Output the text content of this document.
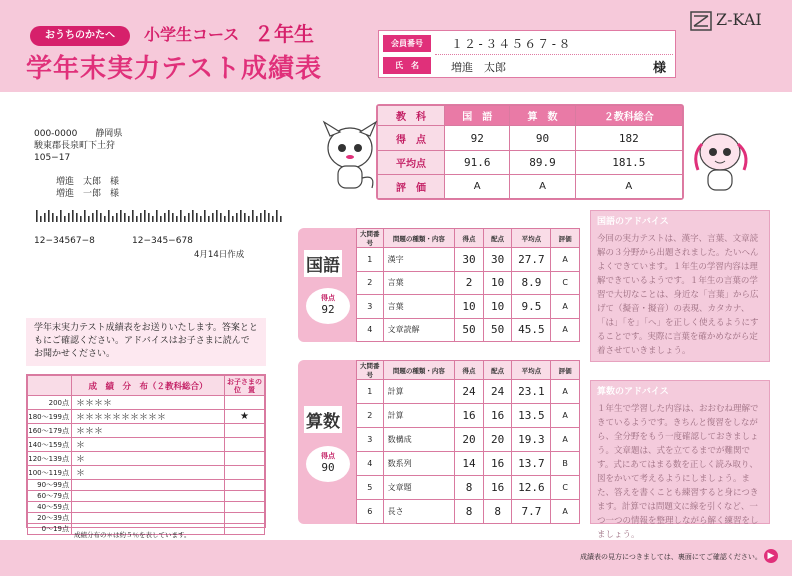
おうちのかたへ	小学生コース ２年生
学年末実力テスト成績表
Z-KAI
会員番号	１２‐３４５６７‐８
氏　名	増進　太郎	様
000-0000　　静岡県
駿東郡長泉町下土狩
105−17
増進　太郎　様
増進　一郎　様
12−34567−8	12−345−678
4月14日作成
教　科	国　語	算　数	２教科総合
得　点	92	90	182
平均点	91.6	89.9	181.5
評　価	A	A	A
学年末実力テスト成績表をお送りいたします。答案とともにご確認ください。アドバイスはお子さまに読んでお聞かせください。
	成　績　分　布（２教科総合）	お子さまの位　置
200点	＊＊＊＊	
180〜199点	＊＊＊＊＊＊＊＊＊＊	★
160〜179点	＊＊＊	
140〜159点	＊	
120〜139点	＊	
100〜119点	＊	
90〜99点		
60〜79点		
40〜59点		
20〜39点		
0〜19点		
成績分布の＊は約５％を表しています。
国語
得点
92
大問番号	問題の種類・内容	得点	配点	平均点	評価
1	漢字	30	30	27.7	A
2	言葉	2	10	8.9	C
3	言葉	10	10	9.5	A
4	文章読解	50	50	45.5	A
算数
得点
90
大問番号	問題の種類・内容	得点	配点	平均点	評価
1	計算	24	24	23.1	A
2	計算	16	16	13.5	A
3	数構成	20	20	19.3	A
4	数系列	14	16	13.7	B
5	文章題	8	16	12.6	C
6	長さ	8	8	7.7	A
国語のアドバイス
今回の実力テストは、漢字、言葉、文章読解の３分野から出題されました。たいへんよくできています。１年生の学習内容は理解できているようです。１年生の言葉の学習で大切なことは、身近な「言葉」から広げて（擬音・擬音）の表現、カタカナ、「は」「を」「へ」を正しく使えるようにすることです。実際に言葉を確かめながら定着させていきましょう。
算数のアドバイス
１年生で学習した内容は、おおむね理解できているようです。きちんと復習をしながら、全分野をもう一度確認しておきましょう。文章題は、式を立てるまでが難関です。式にあてはまる数を正しく読み取り、図をかいて考えるようにしましょう。また、答えを書くことも練習すると身につきます。計算では問題文に線を引くなど、一つ一つの情報を整理しながら解く練習をしましょう。
成績表の見方につきましては、裏面にてご確認ください。 ▶
